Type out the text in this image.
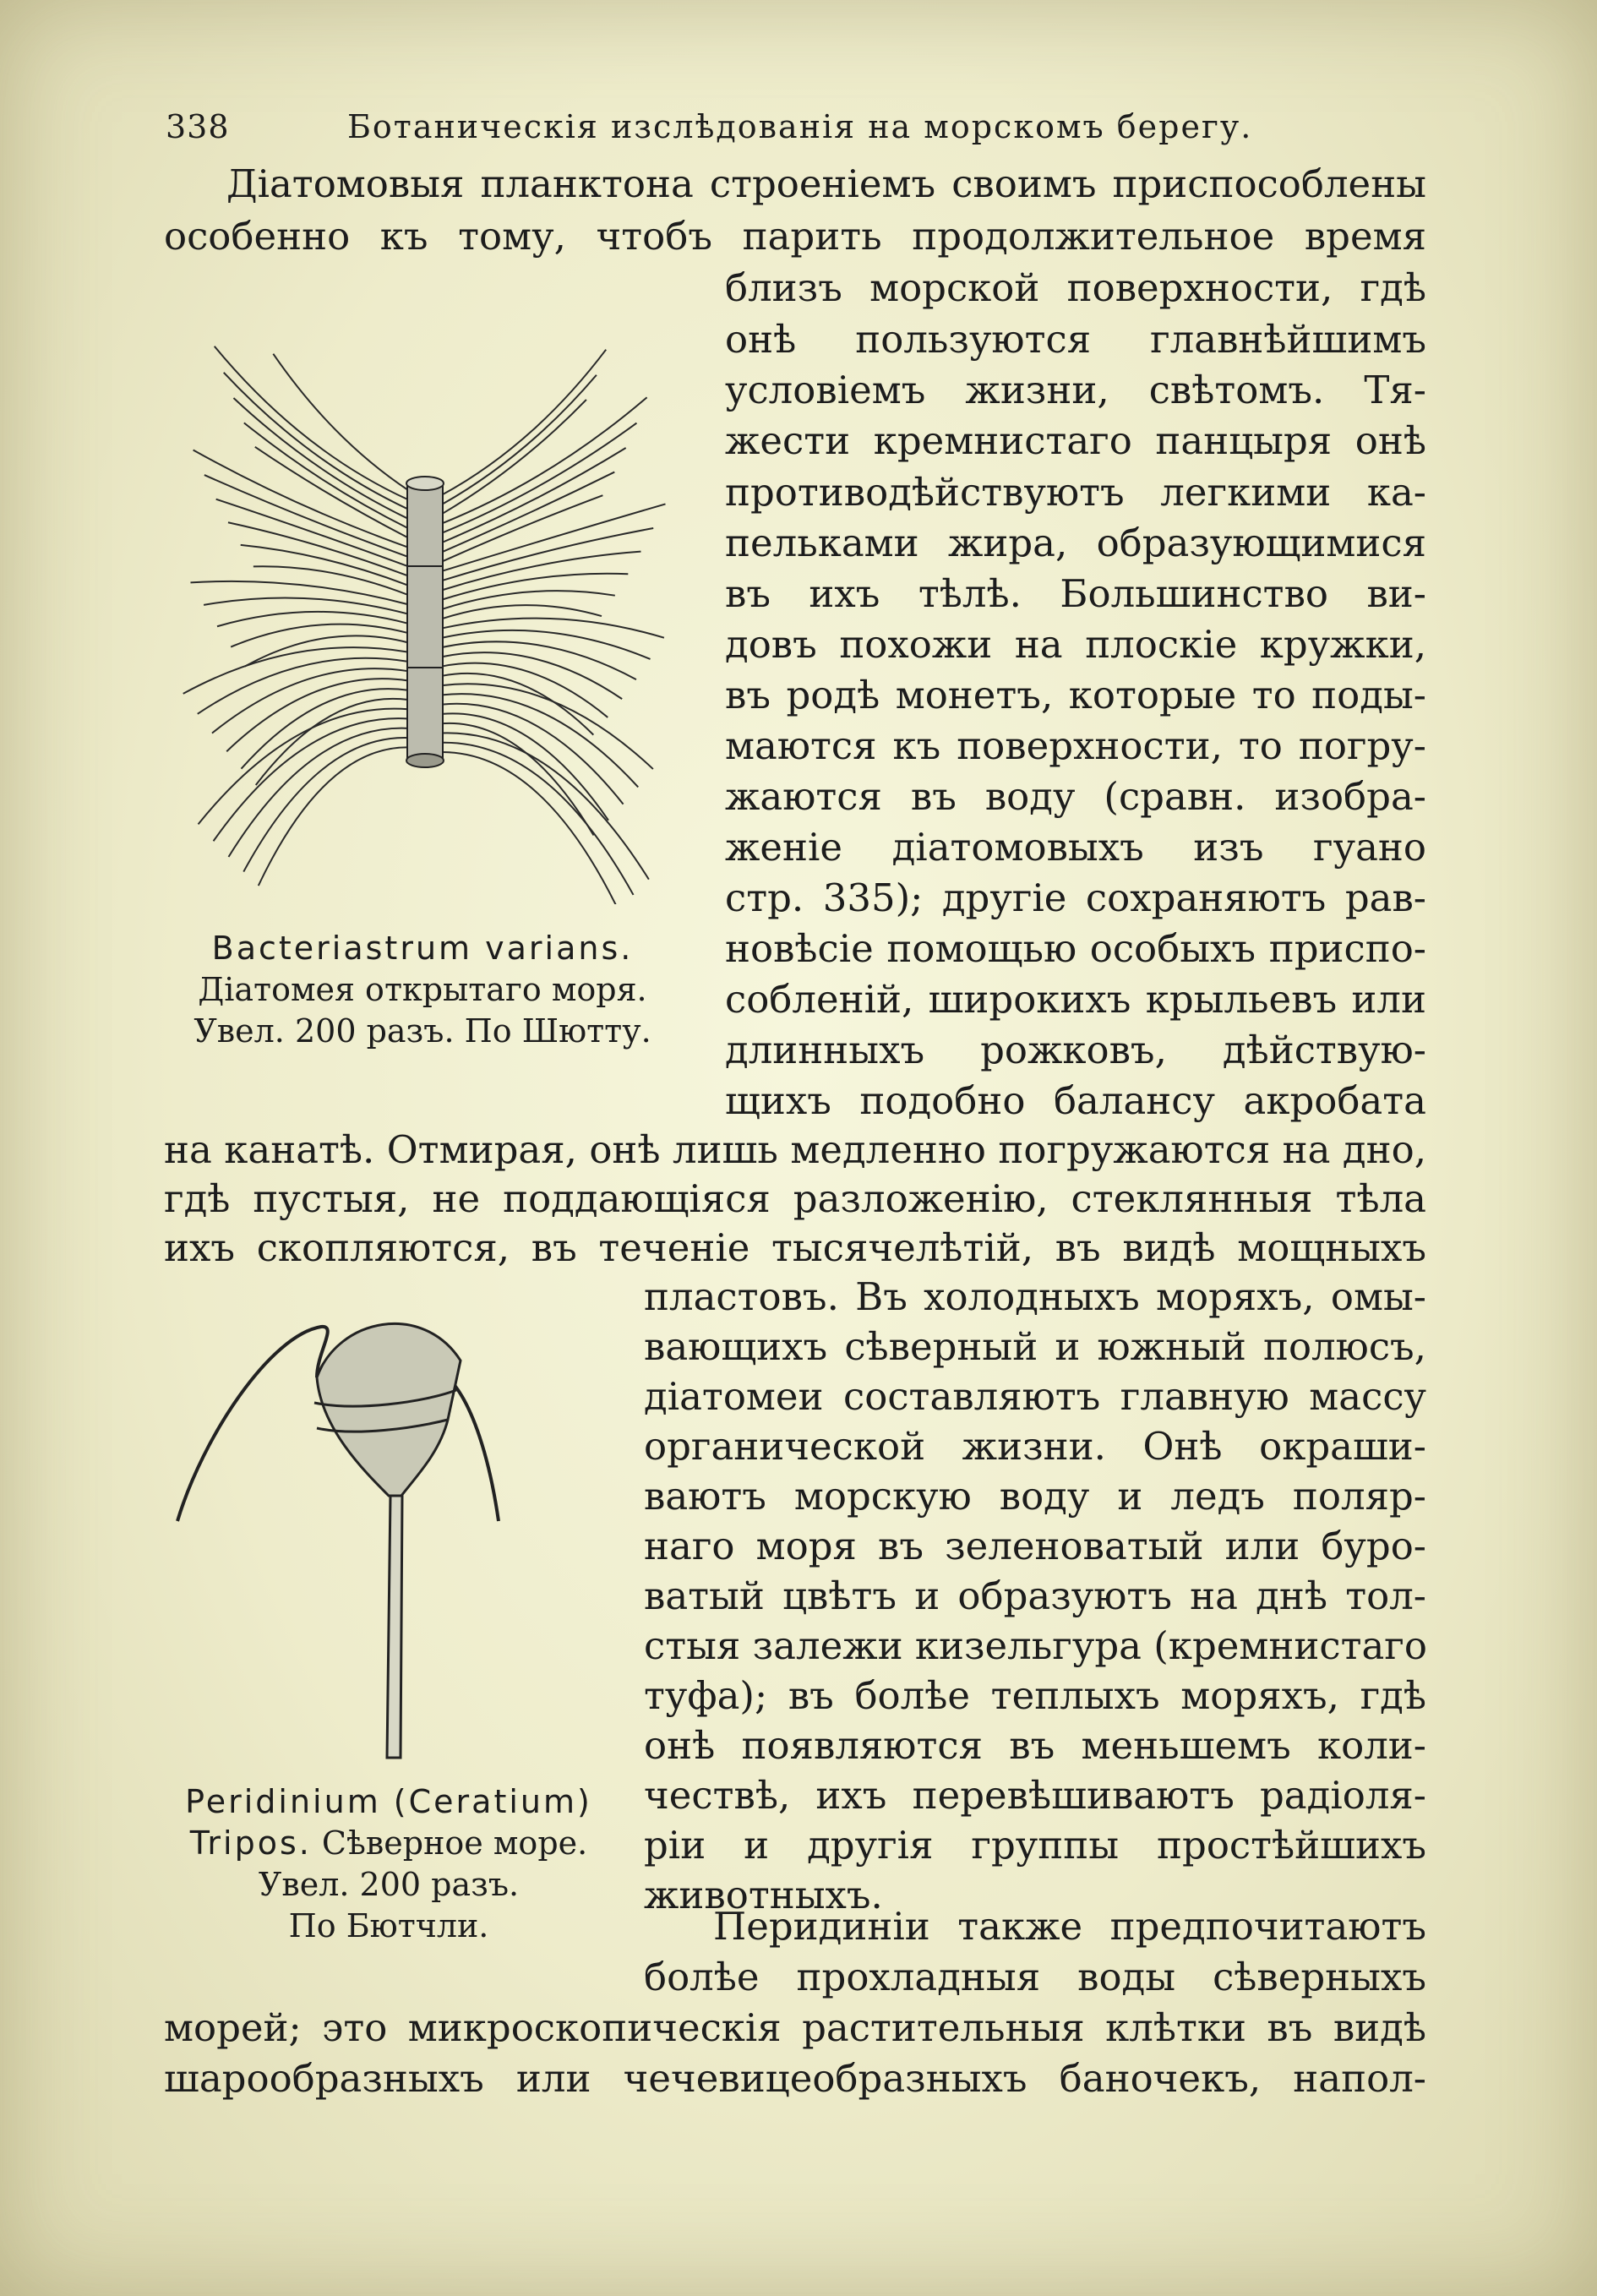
338	Ботаническія изслѣдованія на морскомъ берегу.
Діатомовыя планктона строеніемъ своимъ приспособлены
особенно къ тому, чтобъ парить продолжительное время
близъ морской поверхности, гдѣ
онѣ пользуются главнѣйшимъ
условіемъ жизни, свѣтомъ. Тя-
жести кремнистаго панцыря онѣ
противодѣйствуютъ легкими ка-
пельками жира, образующимися
въ ихъ тѣлѣ. Большинство ви-
довъ похожи на плоскіе кружки,
въ родѣ монетъ, которые то поды-
маются къ поверхности, то погру-
жаются въ воду (сравн. изобра-
женіе діатомовыхъ изъ гуано
стр. 335); другіе сохраняютъ рав-
новѣсіе помощью особыхъ приспо-
собленій, широкихъ крыльевъ или
длинныхъ рожковъ, дѣйствую-
щихъ подобно балансу акробата
на канатѣ. Отмирая, онѣ лишь медленно погружаются на дно,
гдѣ пустыя, не поддающіяся разложенію, стеклянныя тѣла
ихъ скопляются, въ теченіе тысячелѣтій, въ видѣ мощныхъ
пластовъ. Въ холодныхъ моряхъ, омы-
вающихъ сѣверный и южный полюсъ,
діатомеи составляютъ главную массу
органической жизни. Онѣ окраши-
ваютъ морскую воду и ледъ поляр-
наго моря въ зеленоватый или буро-
ватый цвѣтъ и образуютъ на днѣ тол-
стыя залежи кизельгура (кремнистаго
туфа); въ болѣе теплыхъ моряхъ, гдѣ
онѣ появляются въ меньшемъ коли-
чествѣ, ихъ перевѣшиваютъ радіоля-
ріи и другія группы простѣйшихъ
животныхъ.
Перидиніи также предпочитаютъ
болѣе прохладныя воды сѣверныхъ
морей; это микроскопическія растительныя клѣтки въ видѣ
шарообразныхъ или чечевицеобразныхъ баночекъ, напол-
Bacteriastrum varians.
Діатомея открытаго моря.
Увел. 200 разъ. По Шютту.
Peridinium (Ceratium)
Tripos. Сѣверное море.
Увел. 200 разъ.
По Бютчли.
